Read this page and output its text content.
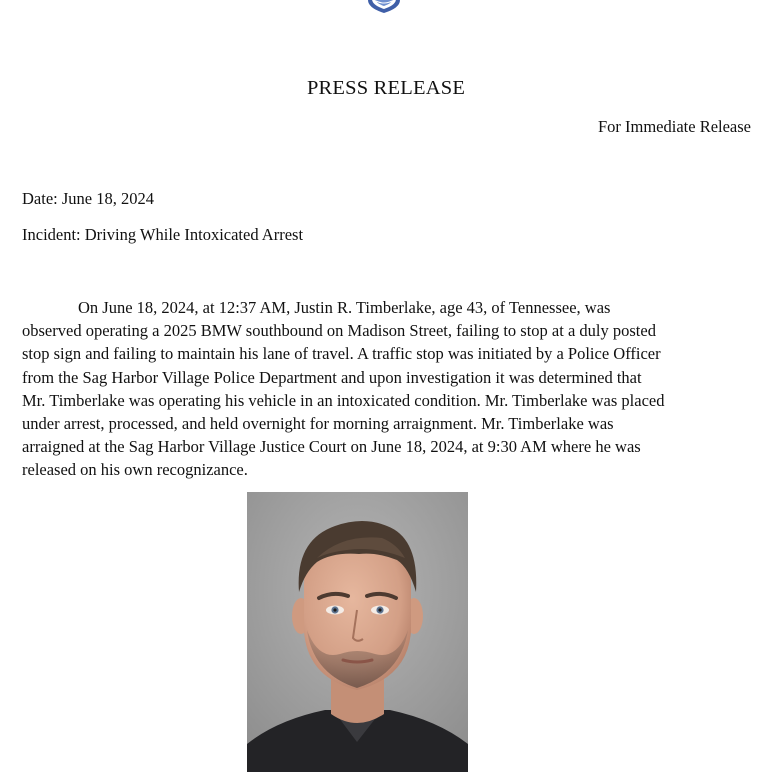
PRESS RELEASE
For Immediate Release
Date: June 18, 2024
Incident: Driving While Intoxicated Arrest

On June 18, 2024, at 12:37 AM, Justin R. Timberlake, age 43, of Tennessee, was
observed operating a 2025 BMW southbound on Madison Street, failing to stop at a duly posted
stop sign and failing to maintain his lane of travel. A traffic stop was initiated by a Police Officer
from the Sag Harbor Village Police Department and upon investigation it was determined that
Mr. Timberlake was operating his vehicle in an intoxicated condition. Mr. Timberlake was placed
under arrest, processed, and held overnight for morning arraignment. Mr. Timberlake was
arraigned at the Sag Harbor Village Justice Court on June 18, 2024, at 9:30 AM where he was
released on his own recognizance.
